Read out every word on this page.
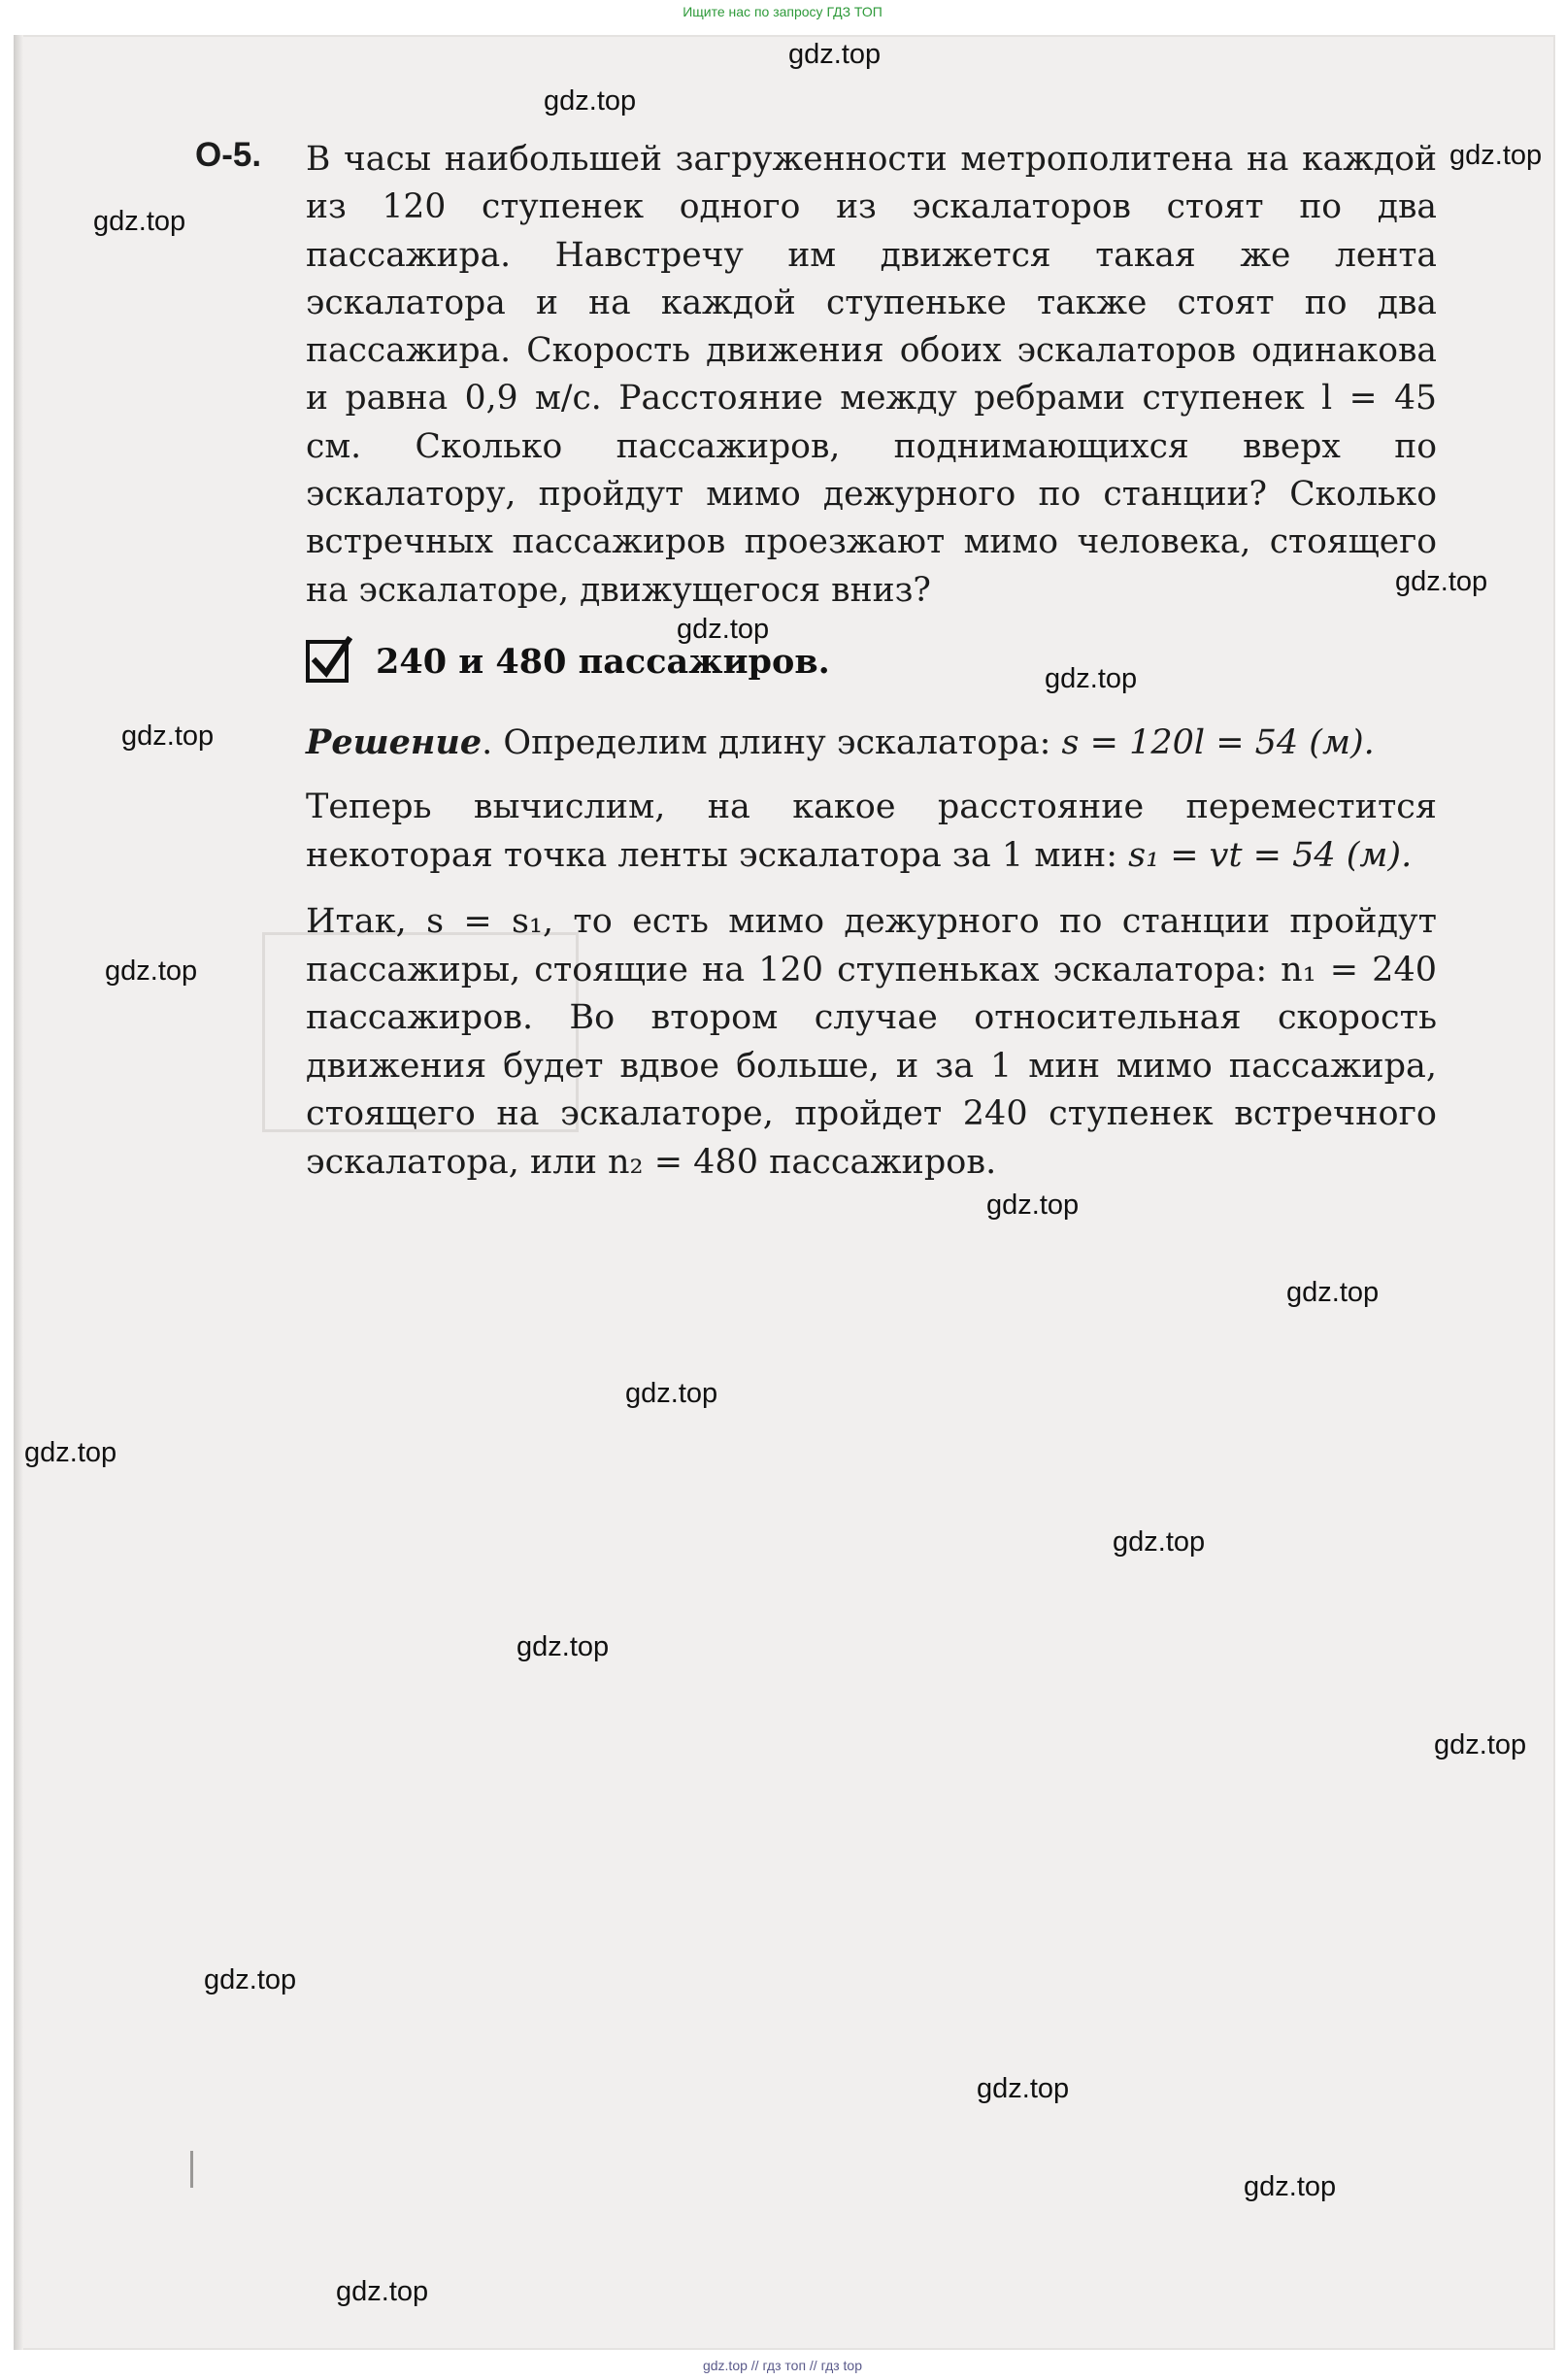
Ищите нас по запросу ГДЗ ТОП
О-5. В часы наибольшей загруженности метрополитена на каждой из 120 ступенек одного из эскалаторов стоят по два пассажира. Навстречу им движется такая же лента эскалатора и на каждой ступеньке также стоят по два пассажира. Скорость движения обоих эскалаторов одинакова и равна 0,9 м/с. Расстояние между ребрами ступенек l = 45 см. Сколько пассажиров, поднимающихся вверх по эскалатору, пройдут мимо дежурного по станции? Сколько встречных пассажиров проезжают мимо человека, стоящего на эскалаторе, движущегося вниз?
240 и 480 пассажиров.
Решение. Определим длину эскалатора: s = 120l = 54 (м).
Теперь вычислим, на какое расстояние переместится некоторая точка ленты эскалатора за 1 мин: s₁ = vt = 54 (м).
Итак, s = s₁, то есть мимо дежурного по станции пройдут пассажиры, стоящие на 120 ступеньках эскалатора: n₁ = 240 пассажиров. Во втором случае относительная скорость движения будет вдвое больше, и за 1 мин мимо пассажира, стоящего на эскалаторе, пройдет 240 ступенек встречного эскалатора, или n₂ = 480 пассажиров.
gdz.top
gdz.top
gdz.top
gdz.top
gdz.top
gdz.top
gdz.top
gdz.top
gdz.top
gdz.top
gdz.top
gdz.top
gdz.top
gdz.top
gdz.top
gdz.top
gdz.top
gdz.top
gdz.top
gdz.top
gdz.top // гдз топ // гдз top
